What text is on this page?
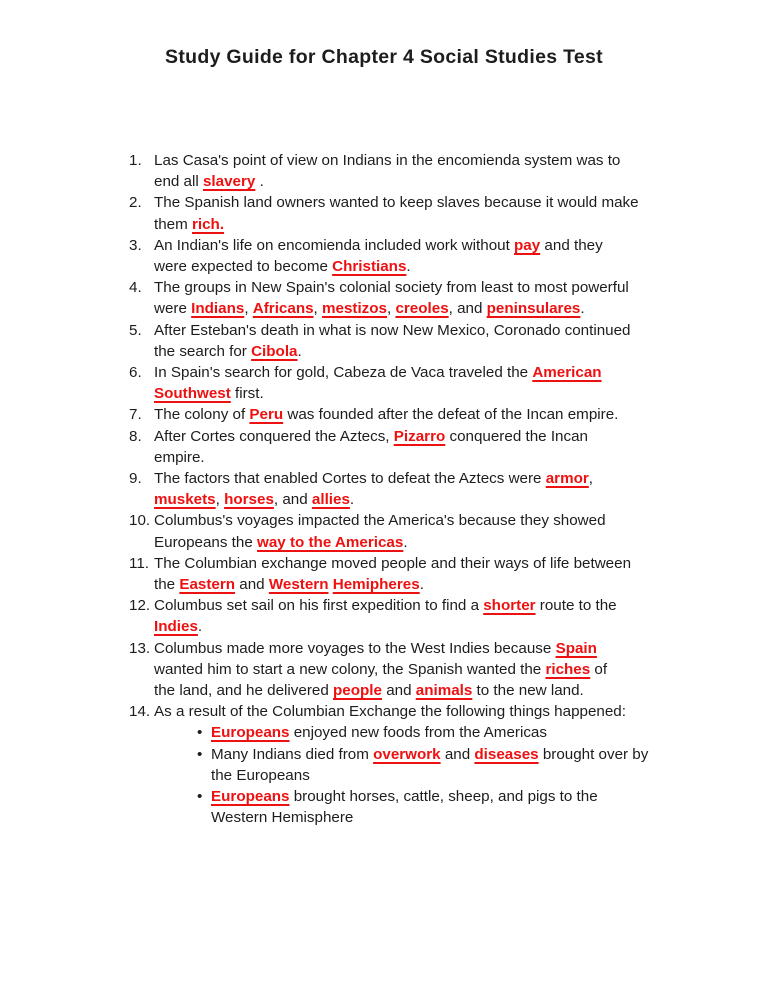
Study Guide for Chapter 4 Social Studies Test
1. Las Casa's point of view on Indians in the encomienda system was to
end all slavery .
2. The Spanish land owners wanted to keep slaves because it would make
them rich.
3. An Indian's life on encomienda included work without pay and they
were expected to become Christians.
4. The groups in New Spain's colonial society from least to most powerful
were Indians, Africans, mestizos, creoles, and peninsulares.
5. After Esteban's death in what is now New Mexico, Coronado continued
the search for Cibola.
6. In Spain's search for gold, Cabeza de Vaca traveled the American
Southwest first.
7. The colony of Peru was founded after the defeat of the Incan empire.
8. After Cortes conquered the Aztecs, Pizarro conquered the Incan
empire.
9. The factors that enabled Cortes to defeat the Aztecs were armor,
muskets, horses, and allies.
10. Columbus's voyages impacted the America's because they showed
Europeans the way to the Americas.
11. The Columbian exchange moved people and their ways of life between
the Eastern and Western Hemipheres.
12. Columbus set sail on his first expedition to find a shorter route to the
Indies.
13. Columbus made more voyages to the West Indies because Spain
wanted him to start a new colony, the Spanish wanted the riches of
the land, and he delivered people and animals to the new land.
14. As a result of the Columbian Exchange the following things happened:
• Europeans enjoyed new foods from the Americas
• Many Indians died from overwork and diseases brought over by
the Europeans
• Europeans brought horses, cattle, sheep, and pigs to the
Western Hemisphere
